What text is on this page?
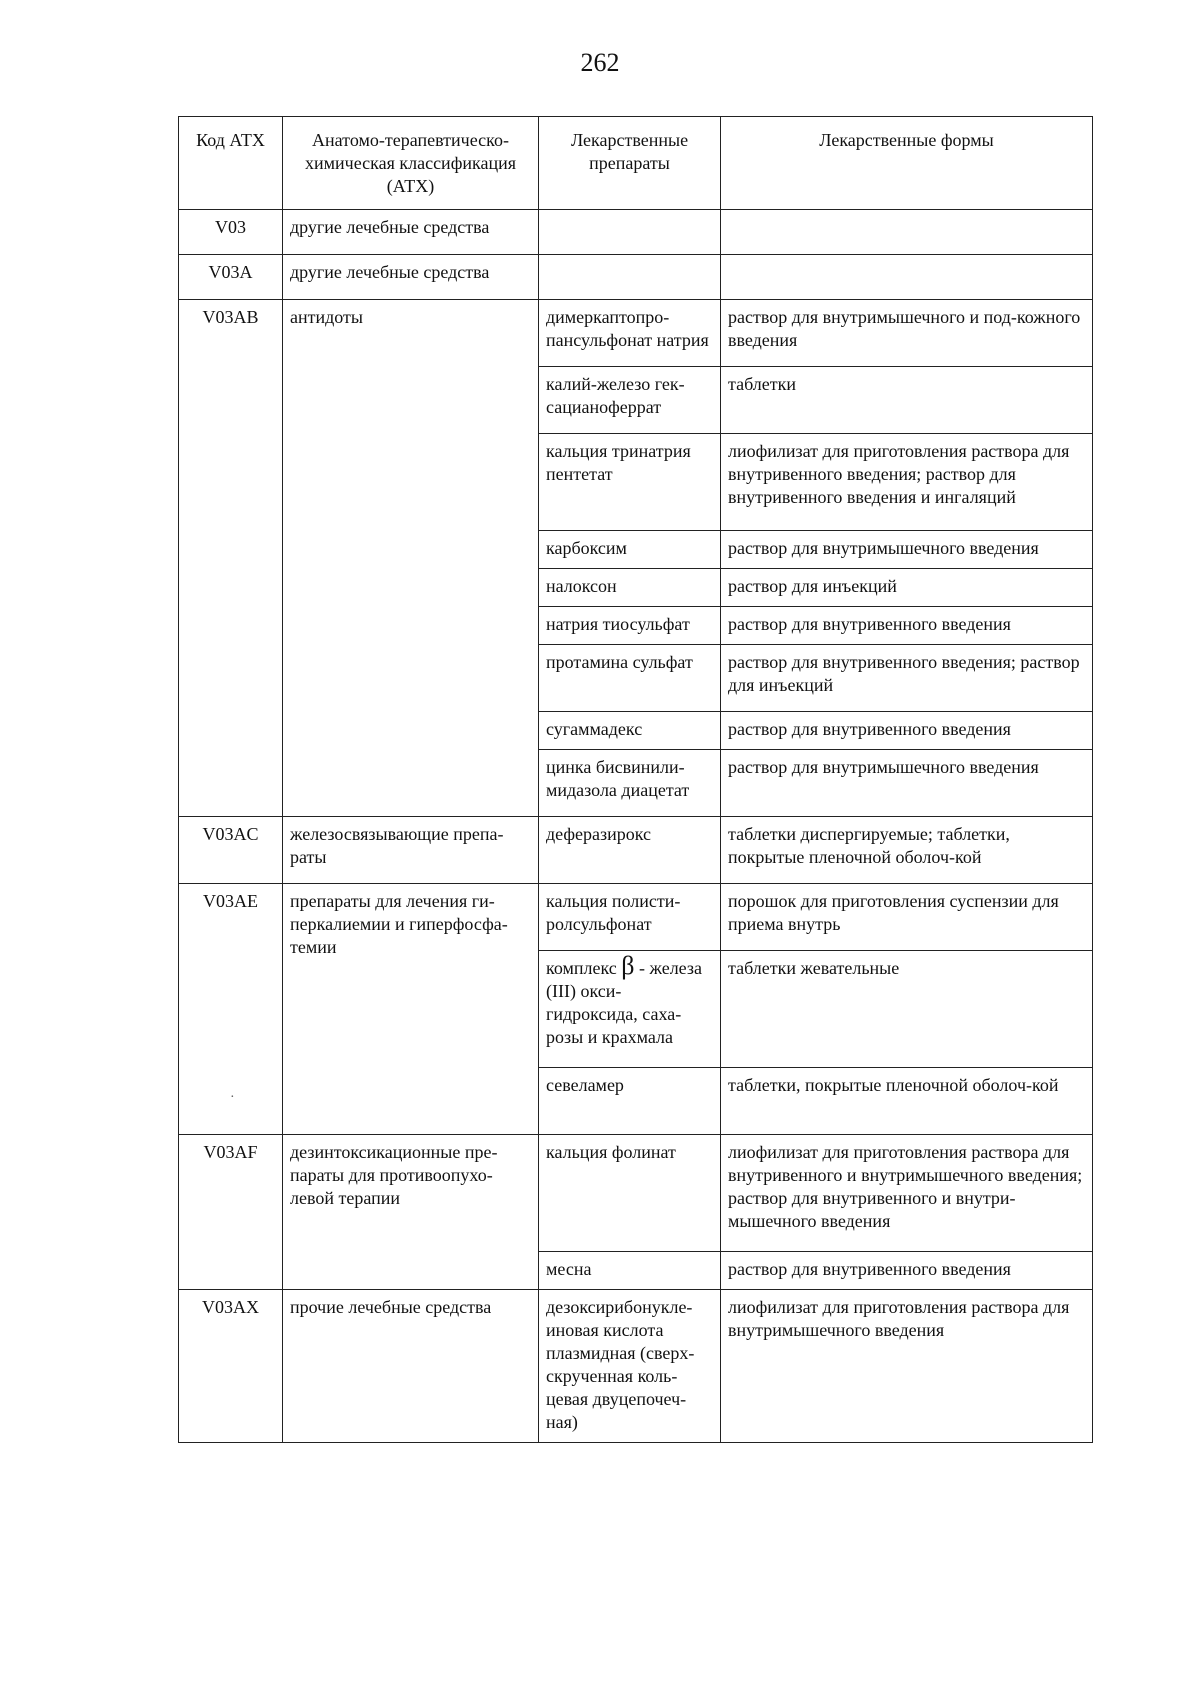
262
Код АТХ	Анатомо-терапевтическо-химическая классификация (АТХ)	Лекарственные препараты	Лекарственные формы
V03	другие лечебные средства		
V03A	другие лечебные средства		
V03AB	антидоты	димеркаптопро-пансульфонат натрия	раствор для внутримышечного и под-кожного введения
		калий-железо гек-сацианоферрат	таблетки
		кальция тринатрия пентетат	лиофилизат для приготовления раствора для внутривенного введения; раствор для внутривенного введения и ингаляций
		карбоксим	раствор для внутримышечного введения
		налоксон	раствор для инъекций
		натрия тиосульфат	раствор для внутривенного введения
		протамина сульфат	раствор для внутривенного введения; раствор для инъекций
		сугаммадекс	раствор для внутривенного введения
		цинка бисвинили-мидазола диацетат	раствор для внутримышечного введения
V03AC	железосвязывающие препа-раты	деферазирокс	таблетки диспергируемые; таблетки, покрытые пленочной оболоч-кой
V03AE	препараты для лечения ги-перкалиемии и гиперфосфа-темии	кальция полисти-ролсульфонат	порошок для приготовления суспензии для приема внутрь
		комплекс β - железа (III) окси-гидроксида, саха-розы и крахмала	таблетки жевательные
		севеламер	таблетки, покрытые пленочной оболоч-кой
V03AF	дезинтоксикационные пре-параты для противоопухо-левой терапии	кальция фолинат	лиофилизат для приготовления раствора для внутривенного и внутримышечного введения; раствор для внутривенного и внутри-мышечного введения
		месна	раствор для внутривенного введения
V03AX	прочие лечебные средства	дезоксирибонукле-иновая кислота плазмидная (сверх-скрученная коль-цевая двуцепочеч-ная)	лиофилизат для приготовления раствора для внутримышечного введения
·
